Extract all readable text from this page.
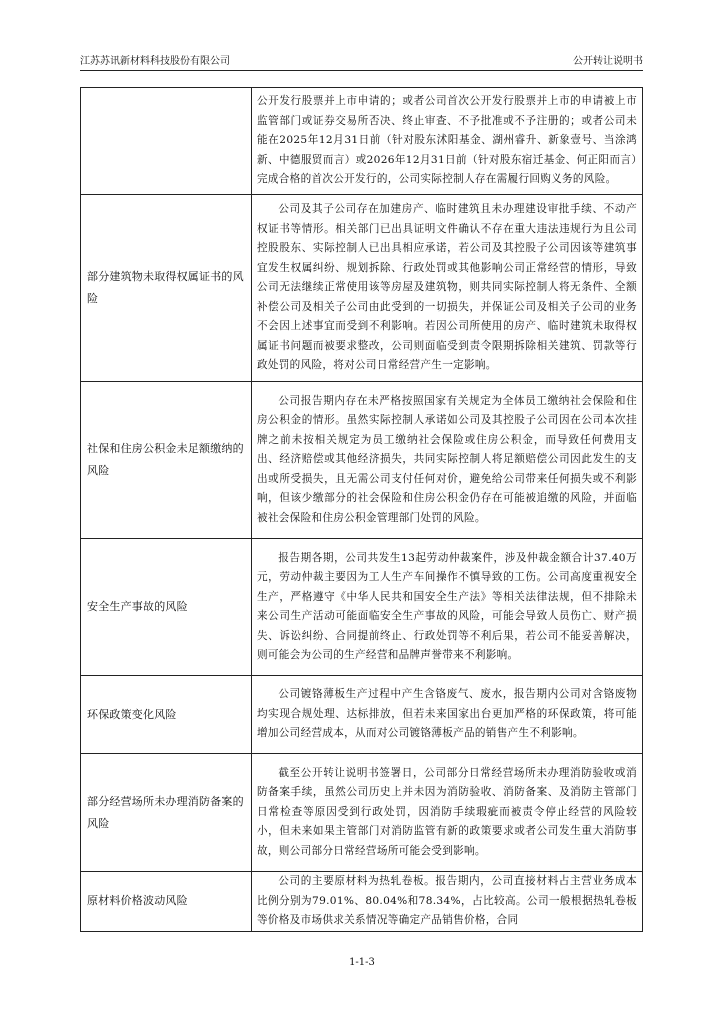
江苏苏讯新材料科技股份有限公司	公开转让说明书
	公开发行股票并上市申请的；或者公司首次公开发行股票并上市的申请被上市监管部门或证券交易所否决、终止审查、不予批准或不予注册的；或者公司未能在2025年12月31日前（针对股东沭阳基金、湖州睿升、新象壹号、当涂鸿新、中德服贸而言）或2026年12月31日前（针对股东宿迁基金、何正阳而言）完成合格的首次公开发行的，公司实际控制人存在需履行回购义务的风险。
部分建筑物未取得权属证书的风险	公司及其子公司存在加建房产、临时建筑且未办理建设审批手续、不动产权证书等情形。相关部门已出具证明文件确认不存在重大违法违规行为且公司控股股东、实际控制人已出具相应承诺，若公司及其控股子公司因该等建筑事宜发生权属纠纷、规划拆除、行政处罚或其他影响公司正常经营的情形，导致公司无法继续正常使用该等房屋及建筑物，则共同实际控制人将无条件、全额补偿公司及相关子公司由此受到的一切损失，并保证公司及相关子公司的业务不会因上述事宜而受到不利影响。若因公司所使用的房产、临时建筑未取得权属证书问题而被要求整改，公司则面临受到责令限期拆除相关建筑、罚款等行政处罚的风险，将对公司日常经营产生一定影响。
社保和住房公积金未足额缴纳的风险	公司报告期内存在未严格按照国家有关规定为全体员工缴纳社会保险和住房公积金的情形。虽然实际控制人承诺如公司及其控股子公司因在公司本次挂牌之前未按相关规定为员工缴纳社会保险或住房公积金，而导致任何费用支出、经济赔偿或其他经济损失，共同实际控制人将足额赔偿公司因此发生的支出或所受损失，且无需公司支付任何对价，避免给公司带来任何损失或不利影响，但该少缴部分的社会保险和住房公积金仍存在可能被追缴的风险，并面临被社会保险和住房公积金管理部门处罚的风险。
安全生产事故的风险	报告期各期，公司共发生13起劳动仲裁案件，涉及仲裁金额合计37.40万元，劳动仲裁主要因为工人生产车间操作不慎导致的工伤。公司高度重视安全生产，严格遵守《中华人民共和国安全生产法》等相关法律法规，但不排除未来公司生产活动可能面临安全生产事故的风险，可能会导致人员伤亡、财产损失、诉讼纠纷、合同提前终止、行政处罚等不利后果，若公司不能妥善解决，则可能会为公司的生产经营和品牌声誉带来不利影响。
环保政策变化风险	公司镀铬薄板生产过程中产生含铬废气、废水，报告期内公司对含铬废物均实现合规处理、达标排放，但若未来国家出台更加严格的环保政策，将可能增加公司经营成本，从而对公司镀铬薄板产品的销售产生不利影响。
部分经营场所未办理消防备案的风险	截至公开转让说明书签署日，公司部分日常经营场所未办理消防验收或消防备案手续，虽然公司历史上并未因为消防验收、消防备案、及消防主管部门日常检查等原因受到行政处罚，因消防手续瑕疵而被责令停止经营的风险较小，但未来如果主管部门对消防监管有新的政策要求或者公司发生重大消防事故，则公司部分日常经营场所可能会受到影响。
原材料价格波动风险	公司的主要原材料为热轧卷板。报告期内，公司直接材料占主营业务成本比例分别为79.01%、80.04%和78.34%，占比较高。公司一般根据热轧卷板等价格及市场供求关系情况等确定产品销售价格，合同
1-1-3
